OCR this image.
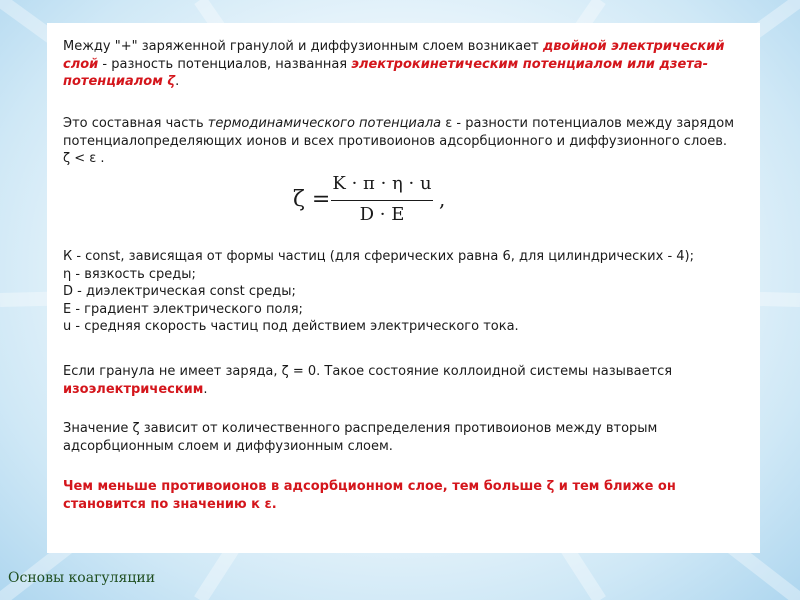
Между "+" заряженной гранулой и диффузионным слоем возникает двойной электрический слой - разность потенциалов, названная электрокинетическим потенциалом или дзета-потенциалом ζ.

Это составная часть термодинамического потенциала ε - разности потенциалов между зарядом потенциалопределяющих ионов и всех противоионов адсорбционного и диффузионного слоев.
ζ < ε .

ζ =
K · π · η · u
D · E
,
К - const, зависящая от формы частиц (для сферических равна 6, для цилиндрических - 4);
η - вязкость среды;
D - диэлектрическая const среды;
E - градиент электрического поля;
u - средняя скорость частиц под действием электрического тока.

Если гранула не имеет заряда, ζ = 0. Такое состояние коллоидной системы называется изоэлектрическим.

Значение ζ зависит от количественного распределения противоионов между вторым адсорбционным слоем и диффузионным слоем.

Чем меньше противоионов в адсорбционном слое, тем больше ζ и тем ближе он становится по значению к ε.

Основы коагуляции
